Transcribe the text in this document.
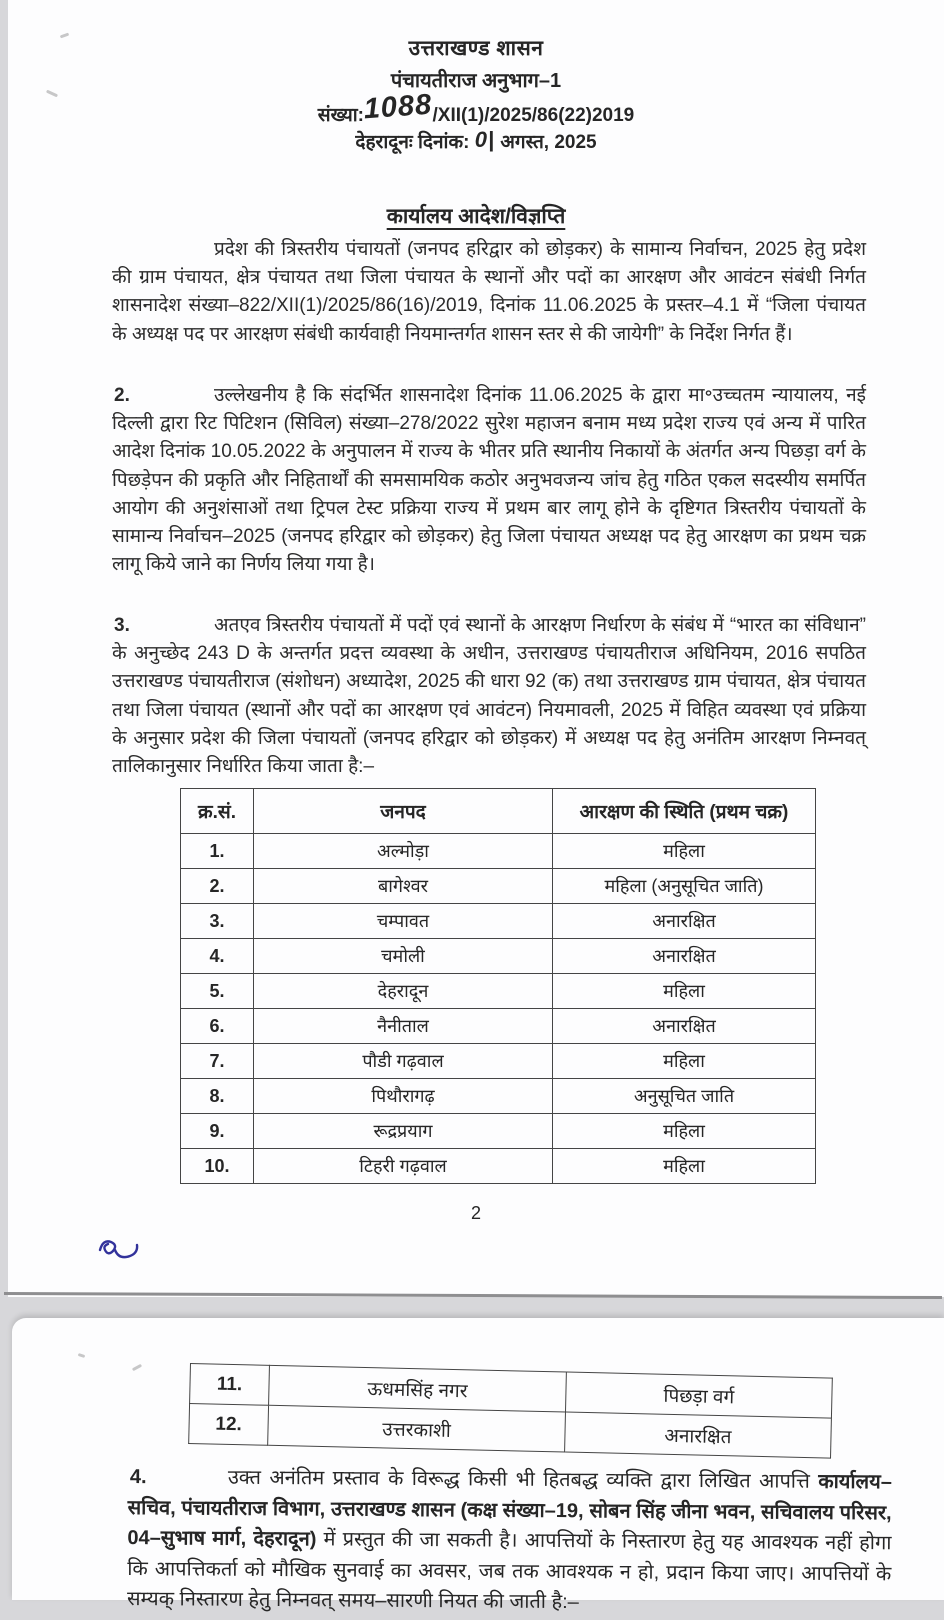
उत्तराखण्ड शासन
पंचायतीराज अनुभाग–1
संख्या:1088/XII(1)/2025/86(22)2019
देहरादूनः दिनांक: 0| अगस्त, 2025
कार्यालय आदेश/विज्ञप्ति
प्रदेश की त्रिस्तरीय पंचायतों (जनपद हरिद्वार को छोड़कर) के सामान्य निर्वाचन, 2025 हेतु प्रदेश की ग्राम पंचायत, क्षेत्र पंचायत तथा जिला पंचायत के स्थानों और पदों का आरक्षण और आवंटन संबंधी निर्गत शासनादेश संख्या–822/XII(1)/2025/86(16)/2019, दिनांक 11.06.2025 के प्रस्तर–4.1 में “जिला पंचायत के अध्यक्ष पद पर आरक्षण संबंधी कार्यवाही नियमान्तर्गत शासन स्तर से की जायेगी” के निर्देश निर्गत हैं।
2.	उल्लेखनीय है कि संदर्भित शासनादेश दिनांक 11.06.2025 के द्वारा मा॰उच्चतम न्यायालय, नई दिल्ली द्वारा रिट पिटिशन (सिविल) संख्या–278/2022 सुरेश महाजन बनाम मध्य प्रदेश राज्य एवं अन्य में पारित आदेश दिनांक 10.05.2022 के अनुपालन में राज्य के भीतर प्रति स्थानीय निकायों के अंतर्गत अन्य पिछड़ा वर्ग के पिछड़ेपन की प्रकृति और निहितार्थों की समसामयिक कठोर अनुभवजन्य जांच हेतु गठित एकल सदस्यीय समर्पित आयोग की अनुशंसाओं तथा ट्रिपल टेस्ट प्रक्रिया राज्य में प्रथम बार लागू होने के दृष्टिगत त्रिस्तरीय पंचायतों के सामान्य निर्वाचन–2025 (जनपद हरिद्वार को छोड़कर) हेतु जिला पंचायत अध्यक्ष पद हेतु आरक्षण का प्रथम चक्र लागू किये जाने का निर्णय लिया गया है।
3.	अतएव त्रिस्तरीय पंचायतों में पदों एवं स्थानों के आरक्षण निर्धारण के संबंध में “भारत का संविधान” के अनुच्छेद 243 D के अन्तर्गत प्रदत्त व्यवस्था के अधीन, उत्तराखण्ड पंचायतीराज अधिनियम, 2016 सपठित उत्तराखण्ड पंचायतीराज (संशोधन) अध्यादेश, 2025 की धारा 92 (क) तथा उत्तराखण्ड ग्राम पंचायत, क्षेत्र पंचायत तथा जिला पंचायत (स्थानों और पदों का आरक्षण एवं आवंटन) नियमावली, 2025 में विहित व्यवस्था एवं प्रक्रिया के अनुसार प्रदेश की जिला पंचायतों (जनपद हरिद्वार को छोड़कर) में अध्यक्ष पद हेतु अनंतिम आरक्षण निम्नवत् तालिकानुसार निर्धारित किया जाता है:–
क्र.सं.	जनपद	आरक्षण की स्थिति (प्रथम चक्र)
1.	अल्मोड़ा	महिला
2.	बागेश्वर	महिला (अनुसूचित जाति)
3.	चम्पावत	अनारक्षित
4.	चमोली	अनारक्षित
5.	देहरादून	महिला
6.	नैनीताल	अनारक्षित
7.	पौडी गढ़वाल	महिला
8.	पिथौरागढ़	अनुसूचित जाति
9.	रूद्रप्रयाग	महिला
10.	टिहरी गढ़वाल	महिला
2
11.	ऊधमसिंह नगर	पिछड़ा वर्ग
12.	उत्तरकाशी	अनारक्षित
4.	उक्त अनंतिम प्रस्ताव के विरूद्ध किसी भी हितबद्ध व्यक्ति द्वारा लिखित आपत्ति कार्यालय–सचिव, पंचायतीराज विभाग, उत्तराखण्ड शासन (कक्ष संख्या–19, सोबन सिंह जीना भवन, सचिवालय परिसर, 04–सुभाष मार्ग, देहरादून) में प्रस्तुत की जा सकती है। आपत्तियों के निस्तारण हेतु यह आवश्यक नहीं होगा कि आपत्तिकर्ता को मौखिक सुनवाई का अवसर, जब तक आवश्यक न हो, प्रदान किया जाए। आपत्तियों के सम्यक् निस्तारण हेतु निम्नवत् समय–सारणी नियत की जाती है:–
